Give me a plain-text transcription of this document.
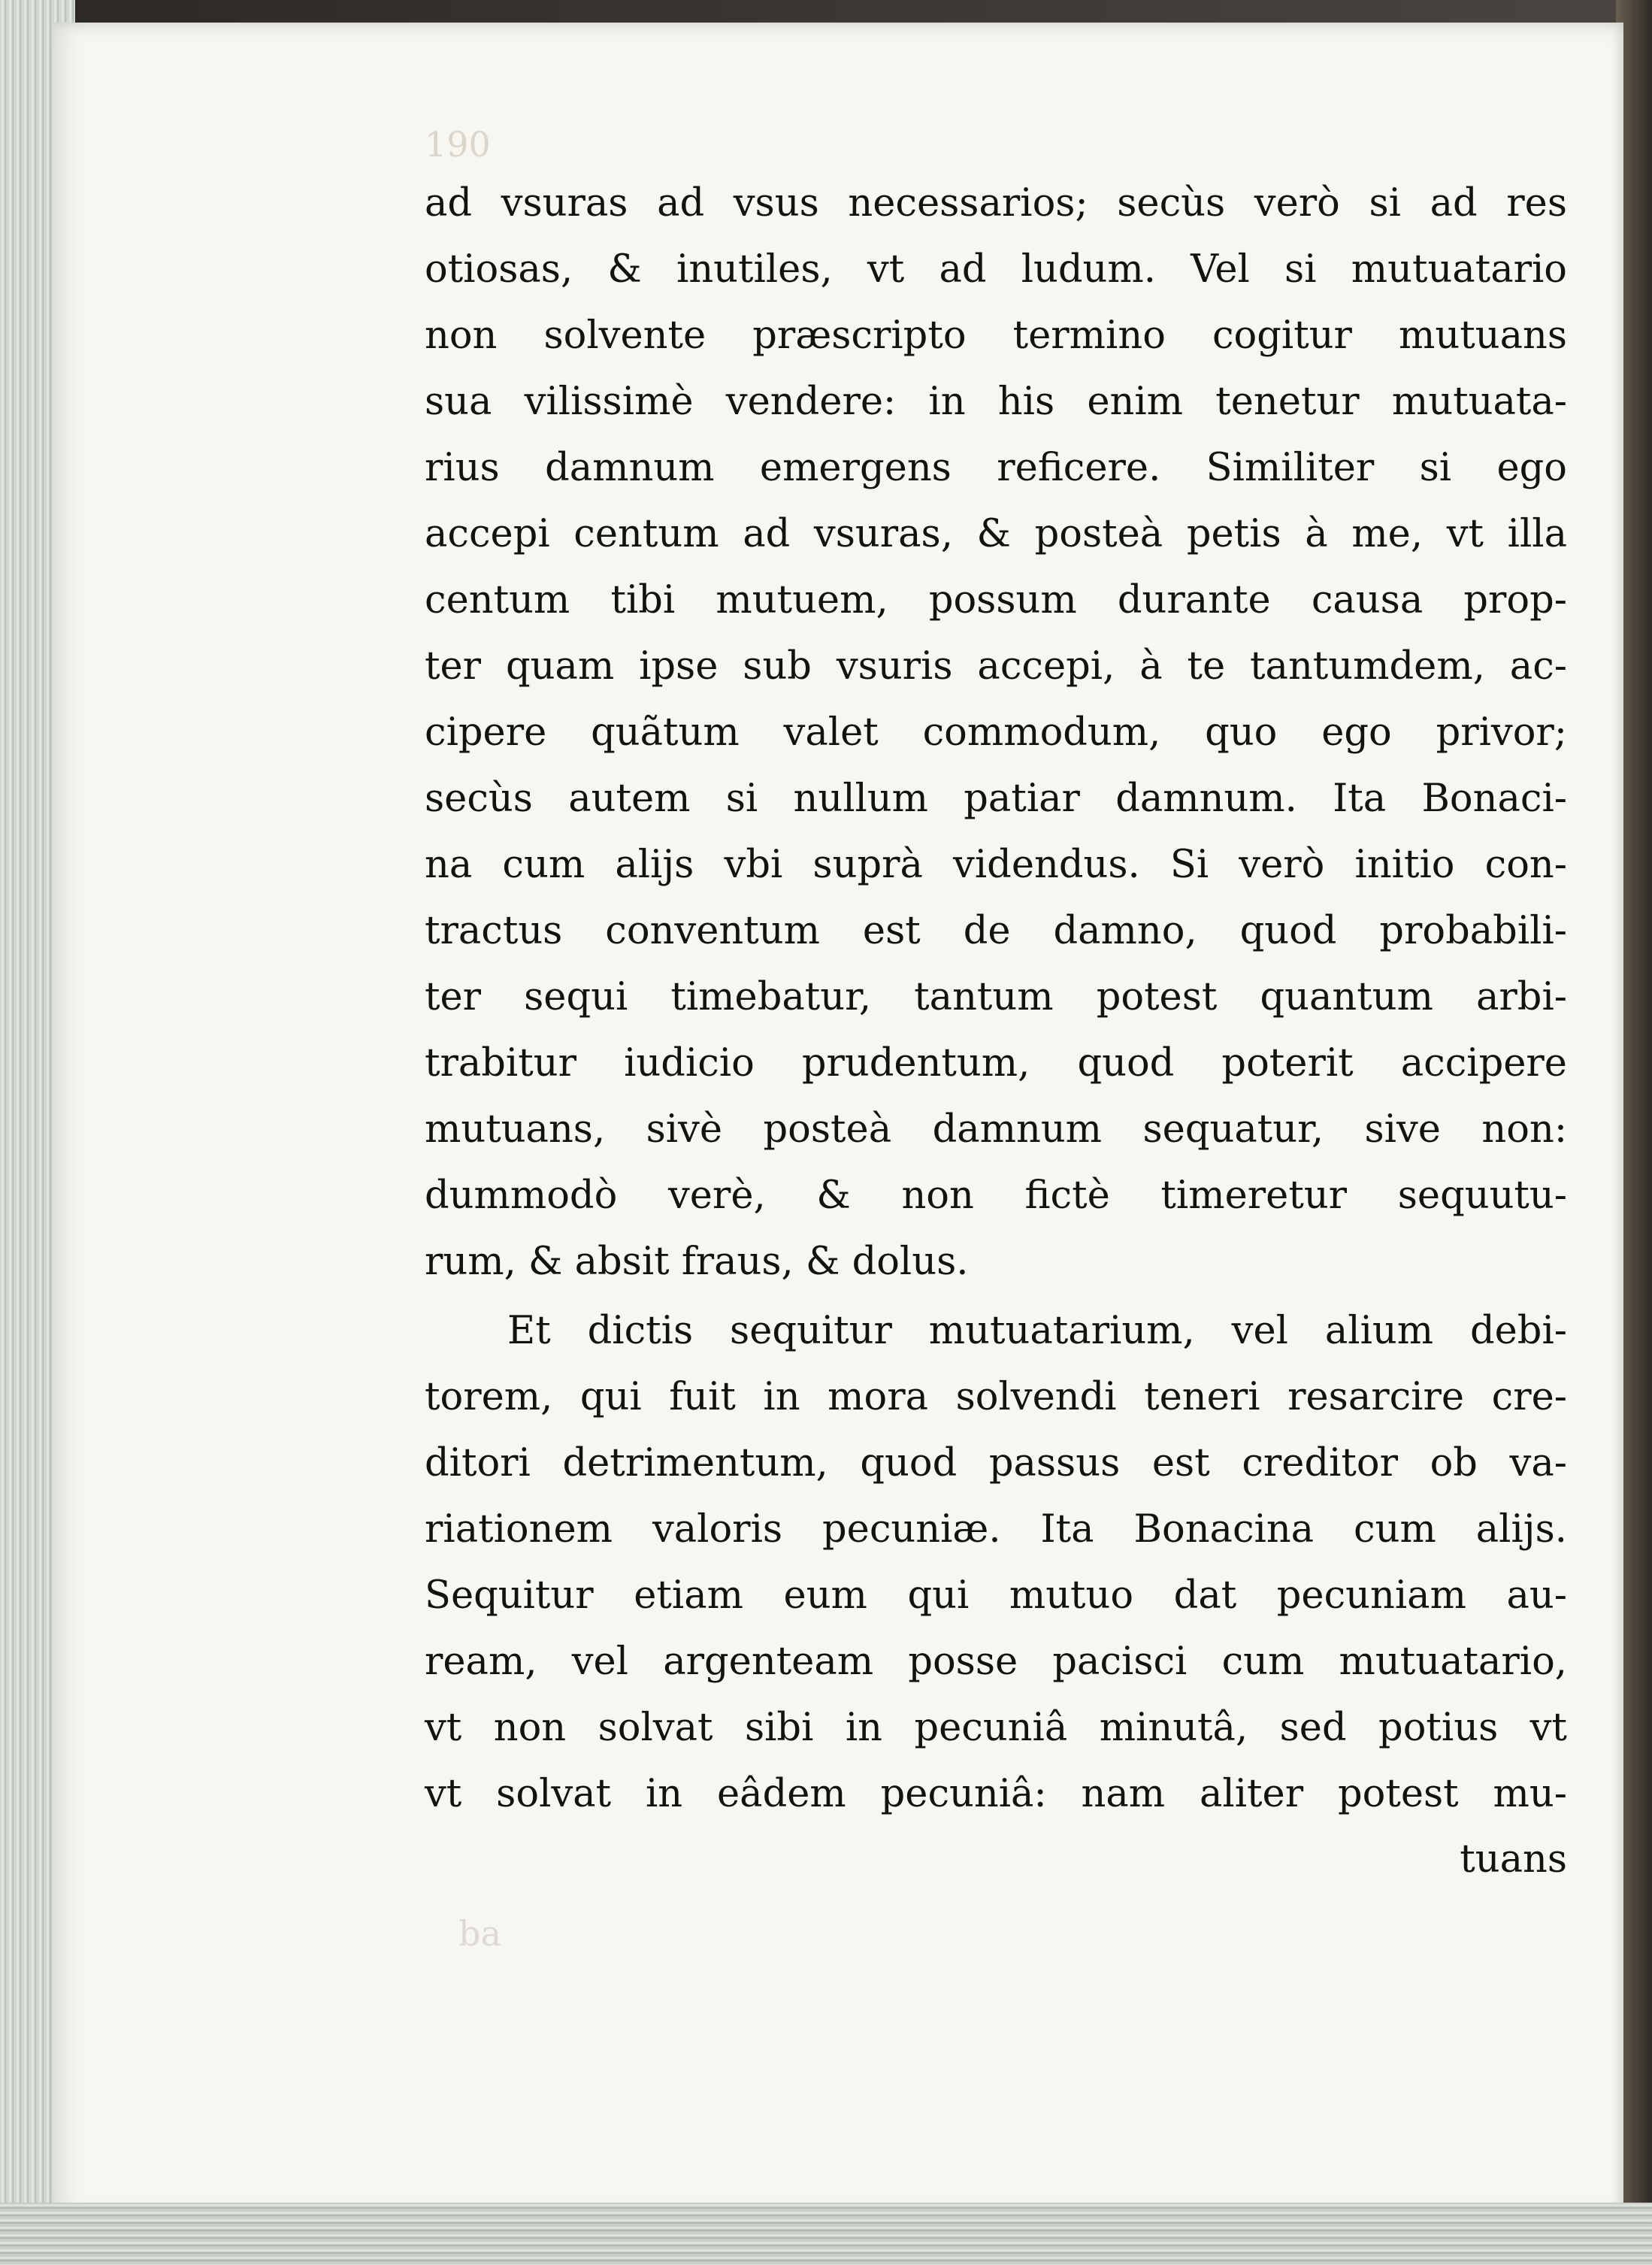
190
ad vsuras ad vsus necessarios; secùs verò si ad res
otiosas, & inutiles, vt ad ludum. Vel si mutuatario
non solvente præscripto termino cogitur mutuans
sua vilissimè vendere: in his enim tenetur mutuata-
rius damnum emergens reficere. Similiter si ego
accepi centum ad vsuras, & posteà petis à me, vt illa
centum tibi mutuem, possum durante causa prop-
ter quam ipse sub vsuris accepi, à te tantumdem, ac-
cipere quãtum valet commodum, quo ego privor;
secùs autem si nullum patiar damnum. Ita Bonaci-
na cum alijs vbi suprà videndus. Si verò initio con-
tractus conventum est de damno, quod probabili-
ter sequi timebatur, tantum potest quantum arbi-
trabitur iudicio prudentum, quod poterit accipere
mutuans, sivè posteà damnum sequatur, sive non:
dummodò verè, & non fictè timeretur sequutu-
rum, & absit fraus, & dolus.
Et dictis sequitur mutuatarium, vel alium debi-
torem, qui fuit in mora solvendi teneri resarcire cre-
ditori detrimentum, quod passus est creditor ob va-
riationem valoris pecuniæ. Ita Bonacina cum alijs.
Sequitur etiam eum qui mutuo dat pecuniam au-
ream, vel argenteam posse pacisci cum mutuatario,
vt non solvat sibi in pecuniâ minutâ, sed potius vt
vt solvat in eâdem pecuniâ: nam aliter potest mu-
tuans
ba
